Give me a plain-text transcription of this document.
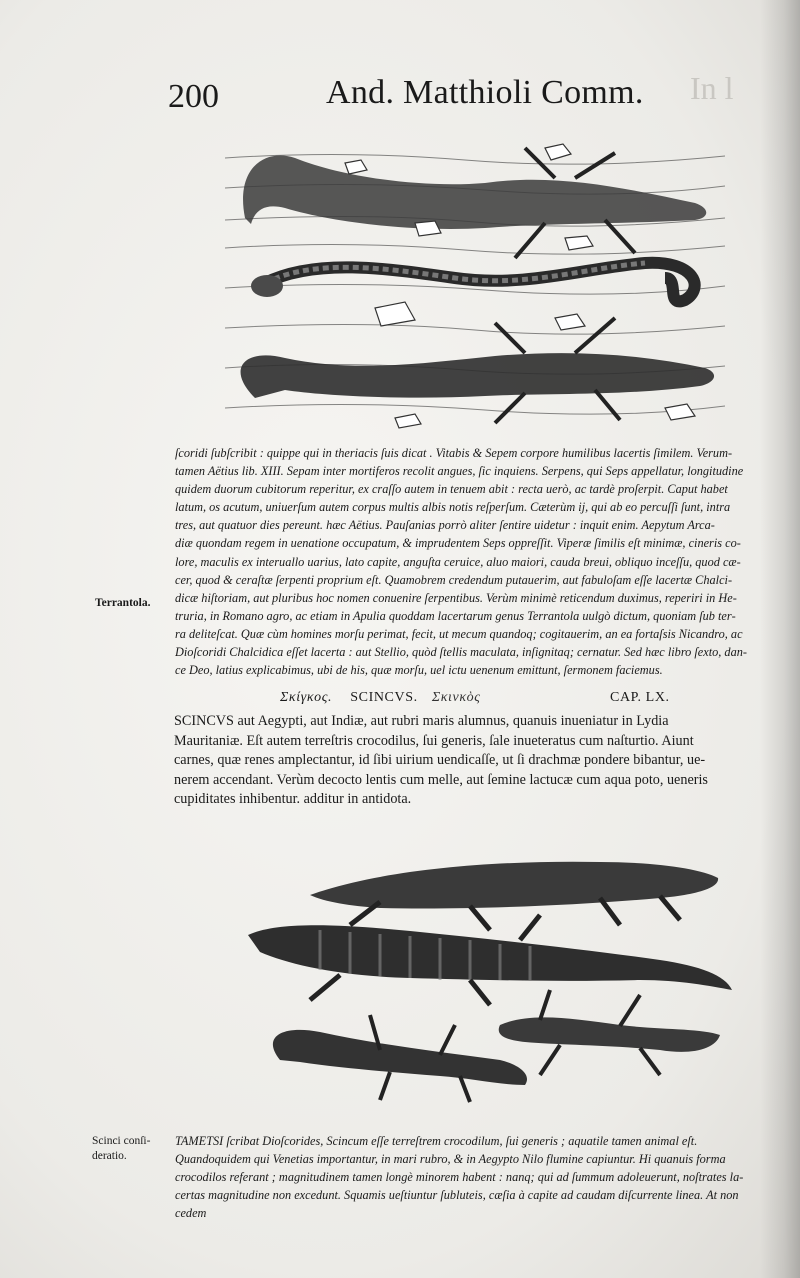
In l
200	And. Matthioli Comm.
ſcoridi ſubſcribit : quippe qui in theriacis ſuis dicat . Vitabis & Sepem corpore humilibus lacertis ſimilem. Verum‑
tamen Aëtius lib. XIII. Sepam inter mortiferos recolit angues, ſic inquiens. Serpens, qui Seps appellatur, longitudine
quidem duorum cubitorum reperitur, ex craſſo autem in tenuem abit : recta uerò, ac tardè proſerpit. Caput habet
latum, os acutum, uniuerſum autem corpus multis albis notis reſperſum. Cæterùm ij, qui ab eo percuſſi ſunt, intra
tres, aut quatuor dies pereunt. hæc Aëtius. Pauſanias porrò aliter ſentire uidetur : inquit enim. Aepytum Arca‑
diæ quondam regem in uenatione occupatum, & imprudentem Seps oppreſſit. Viperæ ſimilis eſt minimæ, cineris co‑
lore, maculis ex interuallo uarius, lato capite, anguſta ceruice, aluo maiori, cauda breui, obliquo inceſſu, quod cæ‑
cer, quod & ceraſtæ ſerpenti proprium eſt. Quamobrem credendum putauerim, aut fabuloſam eſſe lacertæ Chalci‑
dicæ hiſtoriam, aut pluribus hoc nomen conuenire ſerpentibus. Verùm minimè reticendum duximus, reperiri in He‑
truria, in Romano agro, ac etiam in Apulia quoddam lacertarum genus Terrantola uulgò dictum, quoniam ſub ter‑
ra deliteſcat. Quæ cùm homines morſu perimat, fecit, ut mecum quandoq; cogitauerim, an ea fortaſsis Nicandro, ac
Dioſcoridi Chalcidica eſſet lacerta : aut Stellio, quòd ſtellis maculata, inſignitaq; cernatur. Sed hæc libro ſexto, dan‑
ce Deo, latius explicabimus, ubi de his, quæ morſu, uel ictu uenenum emittunt, ſermonem faciemus.
Terrantola.
Σκίγκος. SCINCVS. Σκινκὸς	CAP. LX.
SCINCVS aut Aegypti, aut Indiæ, aut rubri maris alumnus, quanuis inueniatur in Lydia
Mauritaniæ. Eſt autem terreſtris crocodilus, ſui generis, ſale inueteratus cum naſturtio. Aiunt
carnes, quæ renes amplectantur, id ſibi uirium uendicaſſe, ut ſi drachmæ pondere bibantur, ue‑
nerem accendant. Verùm decocto lentis cum melle, aut ſemine lactucæ cum aqua poto, ueneris
cupiditates inhibentur. additur in antidota.
Scinci conſi‑ deratio.
TAMETSI ſcribat Dioſcorides, Scincum eſſe terreſtrem crocodilum, ſui generis ; aquatile tamen animal eſt.
Quandoquidem qui Venetias importantur, in mari rubro, & in Aegypto Nilo flumine capiuntur. Hi quanuis forma
crocodilos referant ; magnitudinem tamen longè minorem habent : nanq; qui ad ſummum adoleuerunt, noſtrates la‑
certas magnitudine non excedunt. Squamis ueſtiuntur ſubluteis, cæſia à capite ad caudam diſcurrente linea. At non
cedem
